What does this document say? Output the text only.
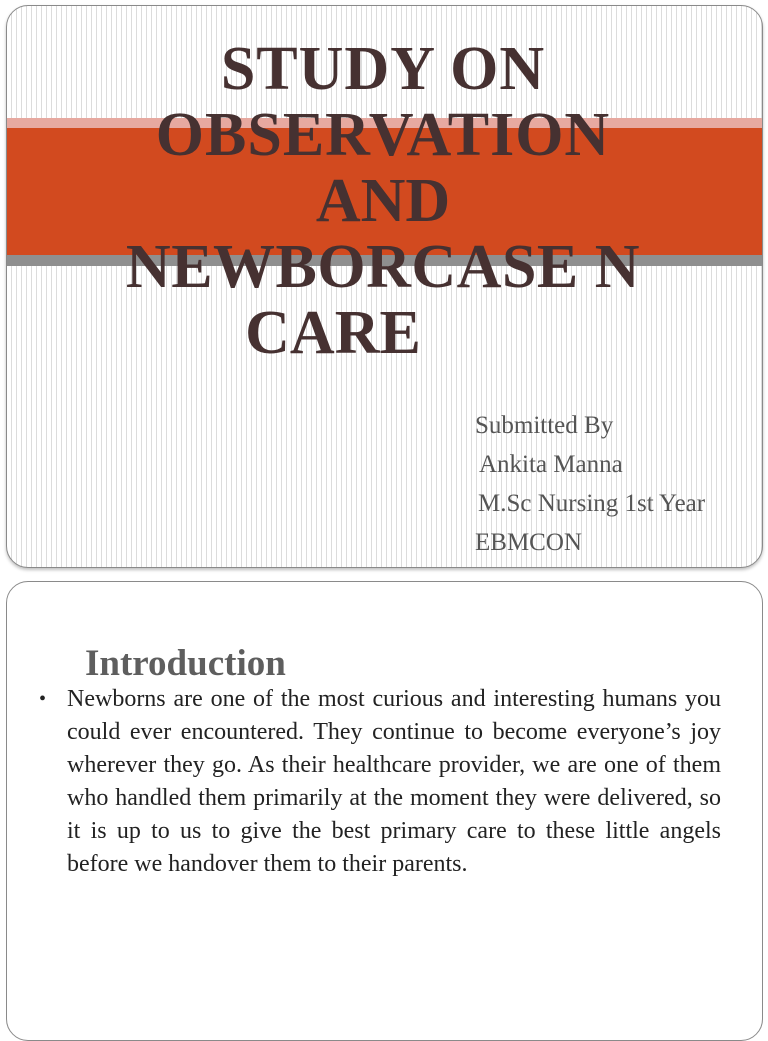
STUDY ON
OBSERVATION
AND
NEWBORCASE N
CARE
Submitted By
Ankita Manna
M.Sc Nursing 1st Year
EBMCON
Introduction
• Newborns are one of the most curious and interesting humans you could ever encountered. They continue to become everyone’s joy wherever they go. As their healthcare provider, we are one of them who handled them primarily at the moment they were delivered, so it is up to us to give the best primary care to these little angels before we handover them to their parents.
